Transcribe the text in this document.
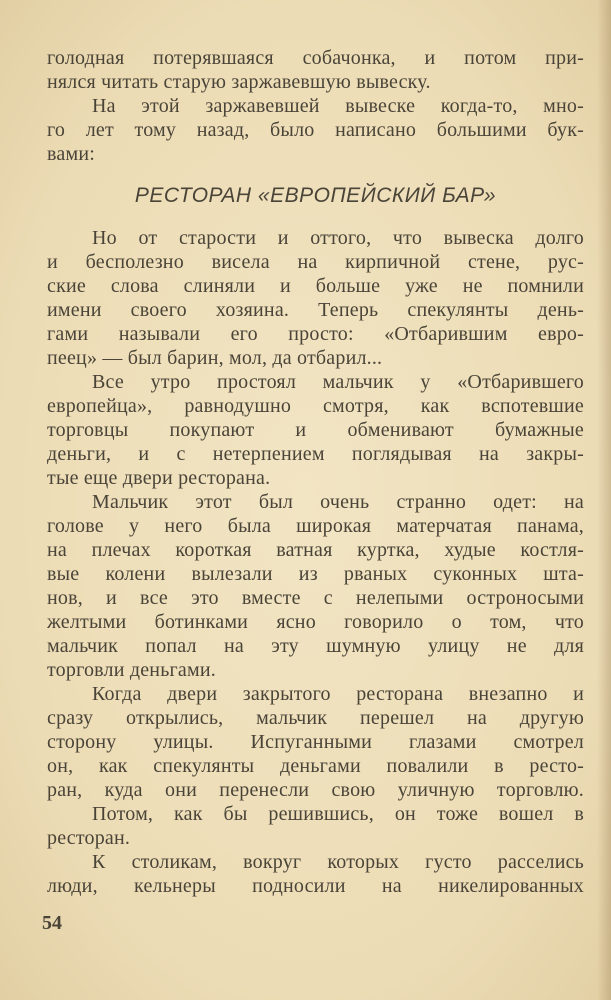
голодная потерявшаяся собачонка, и потом при-
нялся читать старую заржавевшую вывеску.
На этой заржавевшей вывеске когда-то, мно-
го лет тому назад, было написано большими бук-
вами:
РЕСТОРАН «ЕВРОПЕЙСКИЙ БАР»
Но от старости и оттого, что вывеска долго
и бесполезно висела на кирпичной стене, рус-
ские слова слиняли и больше уже не помнили
имени своего хозяина. Теперь спекулянты день-
гами называли его просто: «Отбарившим евро-
пеец» — был барин, мол, да отбарил...
Все утро простоял мальчик у «Отбарившего
европейца», равнодушно смотря, как вспотевшие
торговцы покупают и обменивают бумажные
деньги, и с нетерпением поглядывая на закры-
тые еще двери ресторана.
Мальчик этот был очень странно одет: на
голове у него была широкая матерчатая панама,
на плечах короткая ватная куртка, худые костля-
вые колени вылезали из рваных суконных шта-
нов, и все это вместе с нелепыми остроносыми
желтыми ботинками ясно говорило о том, что
мальчик попал на эту шумную улицу не для
торговли деньгами.
Когда двери закрытого ресторана внезапно и
сразу открылись, мальчик перешел на другую
сторону улицы. Испуганными глазами смотрел
он, как спекулянты деньгами повалили в ресто-
ран, куда они перенесли свою уличную торговлю.
Потом, как бы решившись, он тоже вошел в
ресторан.
К столикам, вокруг которых густо расселись
люди, кельнеры подносили на никелированных
54
